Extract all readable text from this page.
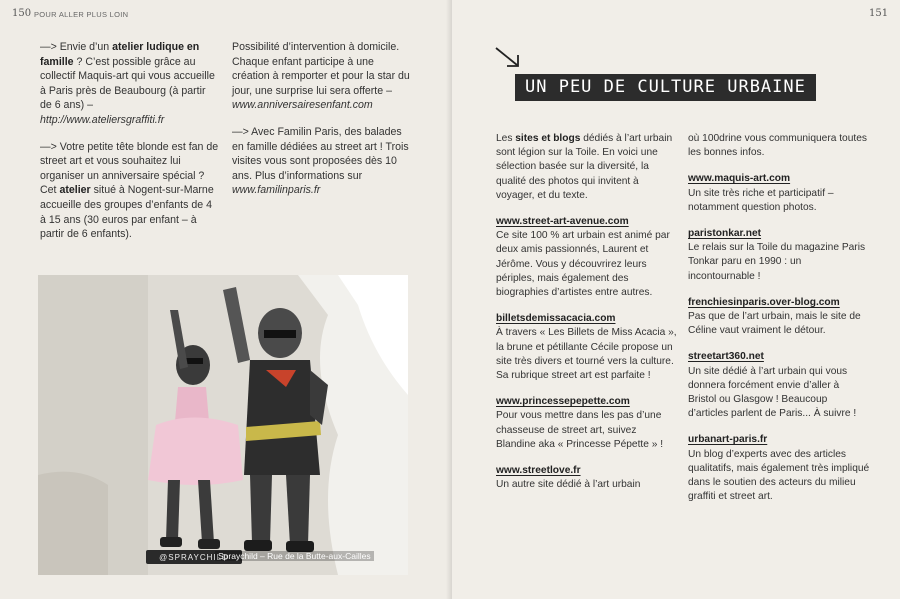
150 POUR ALLER PLUS LOIN

—> Envie d’un atelier ludique en famille ? C’est possible grâce au collectif Maquis-art qui vous accueille à Paris près de Beaubourg (à partir de 6 ans) –
http://www.ateliersgraffiti.fr

—> Votre petite tête blonde est fan de street art et vous souhaitez lui organiser un anniversaire spécial ? Cet atelier situé à Nogent-sur-Marne accueille des groupes d’enfants de 4 à 15 ans (30 euros par enfant – à partir de 6 enfants).

Possibilité d’intervention à domicile. Chaque enfant participe à une création à remporter et pour la star du jour, une surprise lui sera offerte – www.anniversairesenfant.com

—> Avec Familin Paris, des balades en famille dédiées au street art ! Trois visites vous sont proposées dès 10 ans. Plus d’informations sur www.familinparis.fr

@SPRAYCHILD
Spraychild – Rue de la Butte-aux-Cailles
151
UN PEU DE CULTURE URBAINE

Les sites et blogs dédiés à l’art urbain sont légion sur la Toile. En voici une sélection basée sur la diversité, la qualité des photos qui invitent à voyager, et du texte.

www.street-art-avenue.com
Ce site 100 % art urbain est animé par deux amis passionnés, Laurent et Jérôme. Vous y découvrirez leurs périples, mais également des biographies d’artistes entre autres.

billetsdemissacacia.com
À travers « Les Billets de Miss Acacia », la brune et pétillante Cécile propose un site très divers et tourné vers la culture. Sa rubrique street art est parfaite !

www.princessepepette.com
Pour vous mettre dans les pas d’une chasseuse de street art, suivez Blandine aka « Princesse Pépette » !

www.streetlove.fr
Un autre site dédié à l’art urbain

où 100drine vous communiquera toutes les bonnes infos.

www.maquis-art.com
Un site très riche et participatif – notamment question photos.

paristonkar.net
Le relais sur la Toile du magazine Paris Tonkar paru en 1990 : un incontournable !

frenchiesinparis.over-blog.com
Pas que de l’art urbain, mais le site de Céline vaut vraiment le détour.

streetart360.net
Un site dédié à l’art urbain qui vous donnera forcément envie d’aller à Bristol ou Glasgow ! Beaucoup d’articles parlent de Paris... À suivre !

urbanart-paris.fr
Un blog d’experts avec des articles qualitatifs, mais également très impliqué dans le soutien des acteurs du milieu graffiti et street art.
